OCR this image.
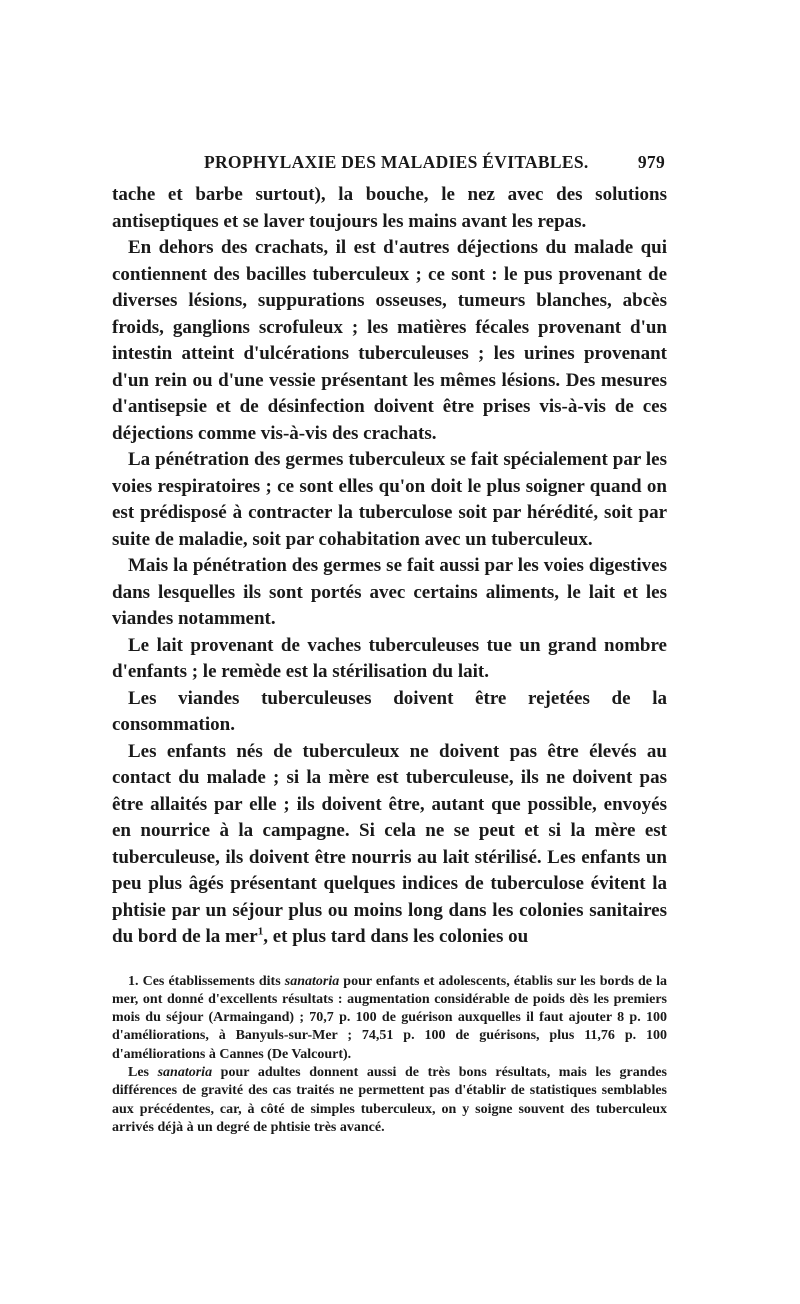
PROPHYLAXIE DES MALADIES ÉVITABLES.	979

tache et barbe surtout), la bouche, le nez avec des solutions antiseptiques et se laver toujours les mains avant les repas.

En dehors des crachats, il est d'autres déjections du malade qui contiennent des bacilles tuberculeux ; ce sont : le pus provenant de diverses lésions, suppurations osseuses, tumeurs blanches, abcès froids, ganglions scrofuleux ; les matières fécales provenant d'un intestin atteint d'ulcérations tuberculeuses ; les urines provenant d'un rein ou d'une vessie présentant les mêmes lésions. Des mesures d'antisepsie et de désinfection doivent être prises vis-à-vis de ces déjections comme vis-à-vis des crachats.

La pénétration des germes tuberculeux se fait spécialement par les voies respiratoires ; ce sont elles qu'on doit le plus soigner quand on est prédisposé à contracter la tuberculose soit par hérédité, soit par suite de maladie, soit par cohabitation avec un tuberculeux.

Mais la pénétration des germes se fait aussi par les voies digestives dans lesquelles ils sont portés avec certains aliments, le lait et les viandes notamment.

Le lait provenant de vaches tuberculeuses tue un grand nombre d'enfants ; le remède est la stérilisation du lait.

Les viandes tuberculeuses doivent être rejetées de la consommation.

Les enfants nés de tuberculeux ne doivent pas être élevés au contact du malade ; si la mère est tuberculeuse, ils ne doivent pas être allaités par elle ; ils doivent être, autant que possible, envoyés en nourrice à la campagne. Si cela ne se peut et si la mère est tuberculeuse, ils doivent être nourris au lait stérilisé. Les enfants un peu plus âgés présentant quelques indices de tuberculose évitent la phtisie par un séjour plus ou moins long dans les colonies sanitaires du bord de la mer$^1$, et plus tard dans les colonies ou

1. Ces établissements dits sanatoria pour enfants et adolescents, établis sur les bords de la mer, ont donné d'excellents résultats : augmentation considérable de poids dès les premiers mois du séjour (Armaingand) ; 70,7 p. 100 de guérison auxquelles il faut ajouter 8 p. 100 d'améliorations, à Banyuls-sur-Mer ; 74,51 p. 100 de guérisons, plus 11,76 p. 100 d'améliorations à Cannes (De Valcourt).

Les sanatoria pour adultes donnent aussi de très bons résultats, mais les grandes différences de gravité des cas traités ne permettent pas d'établir de statistiques semblables aux précédentes, car, à côté de simples tuberculeux, on y soigne souvent des tuberculeux arrivés déjà à un degré de phtisie très avancé.
